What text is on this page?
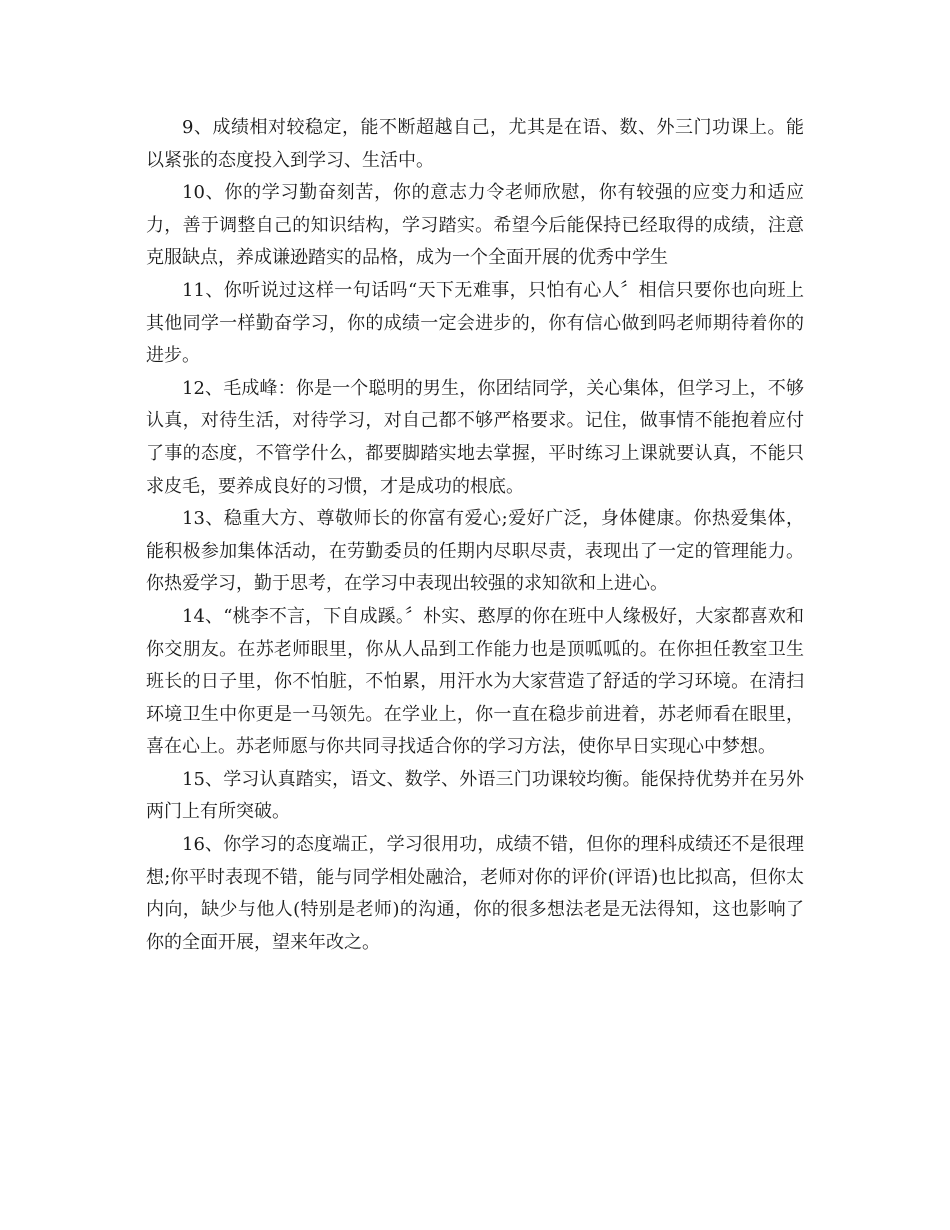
9、成绩相对较稳定，能不断超越自己，尤其是在语、数、外三门功课上。能以紧张的态度投入到学习、生活中。

10、你的学习勤奋刻苦，你的意志力令老师欣慰，你有较强的应变力和适应力，善于调整自己的知识结构，学习踏实。希望今后能保持已经取得的成绩，注意克服缺点，养成谦逊踏实的品格，成为一个全面开展的优秀中学生

11、你听说过这样一句话吗“天下无难事，只怕有心人〞相信只要你也向班上其他同学一样勤奋学习，你的成绩一定会进步的，你有信心做到吗老师期待着你的进步。

12、毛成峰：你是一个聪明的男生，你团结同学，关心集体，但学习上，不够认真，对待生活，对待学习，对自己都不够严格要求。记住，做事情不能抱着应付了事的态度，不管学什么，都要脚踏实地去掌握，平时练习上课就要认真，不能只求皮毛，要养成良好的习惯，才是成功的根底。

13、稳重大方、尊敬师长的你富有爱心;爱好广泛，身体健康。你热爱集体，能积极参加集体活动，在劳勤委员的任期内尽职尽责，表现出了一定的管理能力。你热爱学习，勤于思考，在学习中表现出较强的求知欲和上进心。

14、“桃李不言，下自成蹊。〞朴实、憨厚的你在班中人缘极好，大家都喜欢和你交朋友。在苏老师眼里，你从人品到工作能力也是顶呱呱的。在你担任教室卫生班长的日子里，你不怕脏，不怕累，用汗水为大家营造了舒适的学习环境。在清扫环境卫生中你更是一马领先。在学业上，你一直在稳步前进着，苏老师看在眼里，喜在心上。苏老师愿与你共同寻找适合你的学习方法，使你早日实现心中梦想。

15、学习认真踏实，语文、数学、外语三门功课较均衡。能保持优势并在另外两门上有所突破。

16、你学习的态度端正，学习很用功，成绩不错，但你的理科成绩还不是很理想;你平时表现不错，能与同学相处融洽，老师对你的评价(评语)也比拟高，但你太内向，缺少与他人(特别是老师)的沟通，你的很多想法老是无法得知，这也影响了你的全面开展，望来年改之。
